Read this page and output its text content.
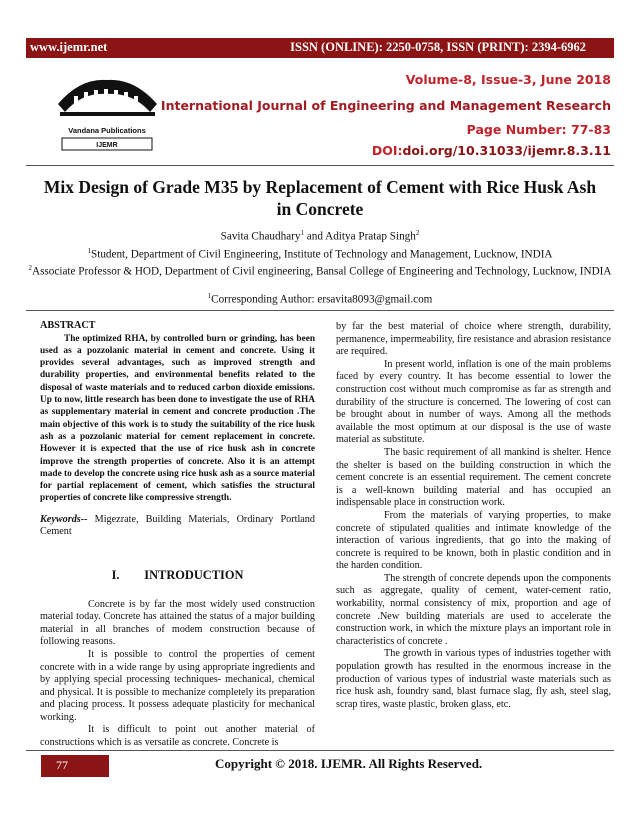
www.ijemr.net	ISSN (ONLINE): 2250-0758, ISSN (PRINT): 2394-6962
Vandana Publications
IJEMR
Volume-8, Issue-3, June 2018
International Journal of Engineering and Management Research
Page Number: 77-83
DOI:doi.org/10.31033/ijemr.8.3.11
Mix Design of Grade M35 by Replacement of Cement with Rice Husk Ash
in Concrete
Savita Chaudhary$^1$ and Aditya Pratap Singh$^2$
$^1$Student, Department of Civil Engineering, Institute of Technology and Management, Lucknow, INDIA
$^2$Associate Professor & HOD, Department of Civil engineering, Bansal College of Engineering and Technology, Lucknow, INDIA
$^1$Corresponding Author: ersavita8093@gmail.com

ABSTRACT

The optimized RHA, by controlled burn or grinding, has been used as a pozzolanic material in cement and concrete. Using it provides several advantages, such as improved strength and durability properties, and environmental benefits related to the disposal of waste materials and to reduced carbon dioxide emissions. Up to now, little research has been done to investigate the use of RHA as supplementary material in cement and concrete production .The main objective of this work is to study the suitability of the rice husk ash as a pozzolanic material for cement replacement in concrete. However it is expected that the use of rice husk ash in concrete improve the strength properties of concrete. Also it is an attempt made to develop the concrete using rice husk ash as a source material for partial replacement of cement, which satisfies the structural properties of concrete like compressive strength.

Keywords-- Migezrate, Building Materials, Ordinary Portland Cement

I.        INTRODUCTION

Concrete is by far the most widely used construction material today. Concrete has attained the status of a major building material in all branches of modem construction because of following reasons.

It is possible to control the properties of cement concrete with in a wide range by using appropriate ingredients and by applying special processing techniques- mechanical, chemical and physical. It is possible to mechanize completely its preparation and placing process. It possess adequate plasticity for mechanical working.

It is difficult to point out another material of constructions which is as versatile as concrete. Concrete is

by far the best material of choice where strength, durability, permanence, impermeability, fire resistance and abrasion resistance are required.

In present world, inflation is one of the main problems faced by every country. It has become essential to lower the construction cost without much compromise as far as strength and durability of the structure is concerned. The lowering of cost can be brought about in number of ways. Among all the methods available the most optimum at our disposal is the use of waste material as substitute.

The basic requirement of all mankind is shelter. Hence the shelter is based on the building construction in which the cement concrete is an essential requirement. The cement concrete is a well-known building material and has occupied an indispensable place in construction work.

From the materials of varying properties, to make concrete of stipulated qualities and intimate knowledge of the interaction of various ingredients, that go into the making of concrete is required to be known, both in plastic condition and in the harden condition.

The strength of concrete depends upon the components such as aggregate, quality of cement, water-cement ratio, workability, normal consistency of mix, proportion and age of concrete .New building materials are used to accelerate the construction work, in which the mixture plays an important role in characteristics of concrete .

The growth in various types of industries together with population growth has resulted in the enormous increase in the production of various types of industrial waste materials such as rice husk ash, foundry sand, blast furnace slag, fly ash, steel slag, scrap tires, waste plastic, broken glass, etc.

77	Copyright © 2018. IJEMR. All Rights Reserved.
